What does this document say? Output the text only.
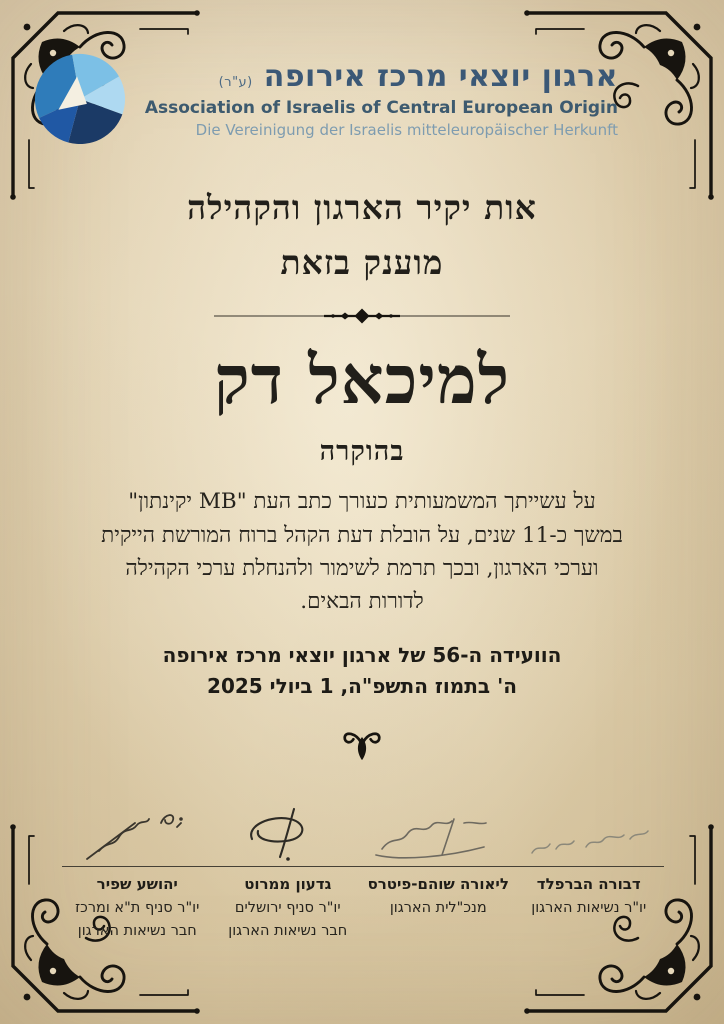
ארגון יוצאי מרכז אירופה (ע"ר)
Association of Israelis of Central European Origin
Die Vereinigung der Israelis mitteleuropäischer Herkunft
אות יקיר הארגון והקהילה
מוענק בזאת
למיכאל דק
בהוקרה
על עשייתך המשמעותית כעורך כתב העת "MB יקינתון"
במשך כ-11 שנים, על הובלת דעת הקהל ברוח המורשת הייקית
וערכי הארגון, ובכך תרמת לשימור ולהנחלת ערכי הקהילה
לדורות הבאים.
הוועידה ה-56 של ארגון יוצאי מרכז אירופה
ה' בתמוז התשפ"ה, 1 ביולי 2025
דבורה הברפלד
יו"ר נשיאות הארגון
ליאורה שוהם-פיטרס
מנכ"לית הארגון
גדעון ממרוט
יו"ר סניף ירושלים
חבר נשיאות הארגון
יהושע שפיר
יו"ר סניף ת"א ומרכז
חבר נשיאות הארגון
